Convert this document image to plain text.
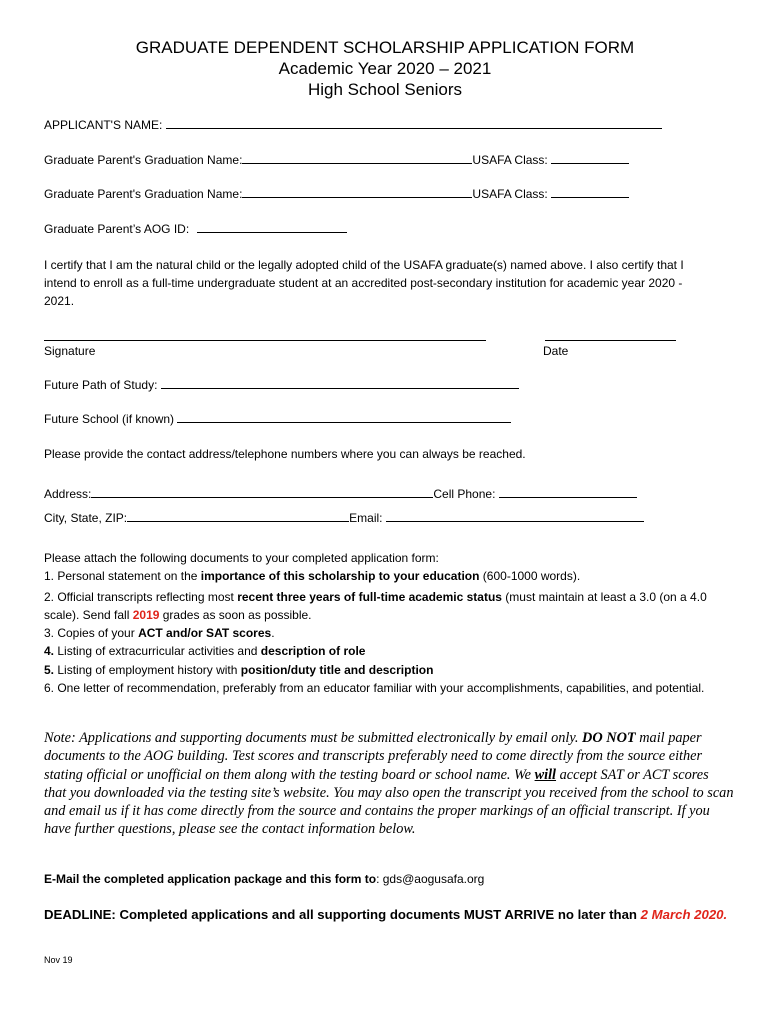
GRADUATE DEPENDENT SCHOLARSHIP APPLICATION FORM
Academic Year 2020 – 2021
High School Seniors
APPLICANT'S NAME:
Graduate Parent's Graduation Name:	USAFA Class:
Graduate Parent's Graduation Name:	USAFA Class:
Graduate Parent’s AOG ID:
I certify that I am the natural child or the legally adopted child of the USAFA graduate(s) named above. I also certify that I intend to enroll as a full-time undergraduate student at an accredited post-secondary institution for academic year 2020 - 2021.
Signature	Date
Future Path of Study:
Future School (if known)
Please provide the contact address/telephone numbers where you can always be reached.
Address:	Cell Phone:
City, State, ZIP:	Email:
Please attach the following documents to your completed application form:
1. Personal statement on the importance of this scholarship to your education (600-1000 words).
2. Official transcripts reflecting most recent three years of full-time academic status (must maintain at least a 3.0 (on a 4.0 scale). Send fall 2019 grades as soon as possible.
3. Copies of your ACT and/or SAT scores.
4. Listing of extracurricular activities and description of role
5. Listing of employment history with position/duty title and description
6. One letter of recommendation, preferably from an educator familiar with your accomplishments, capabilities, and potential.
Note: Applications and supporting documents must be submitted electronically by email only. DO NOT mail paper documents to the AOG building. Test scores and transcripts preferably need to come directly from the source either stating official or unofficial on them along with the testing board or school name. We will accept SAT or ACT scores that you downloaded via the testing site’s website. You may also open the transcript you received from the school to scan and email us if it has come directly from the source and contains the proper markings of an official transcript. If you have further questions, please see the contact information below.
E-Mail the completed application package and this form to: gds@aogusafa.org
DEADLINE: Completed applications and all supporting documents MUST ARRIVE no later than 2 March 2020.
Nov 19
